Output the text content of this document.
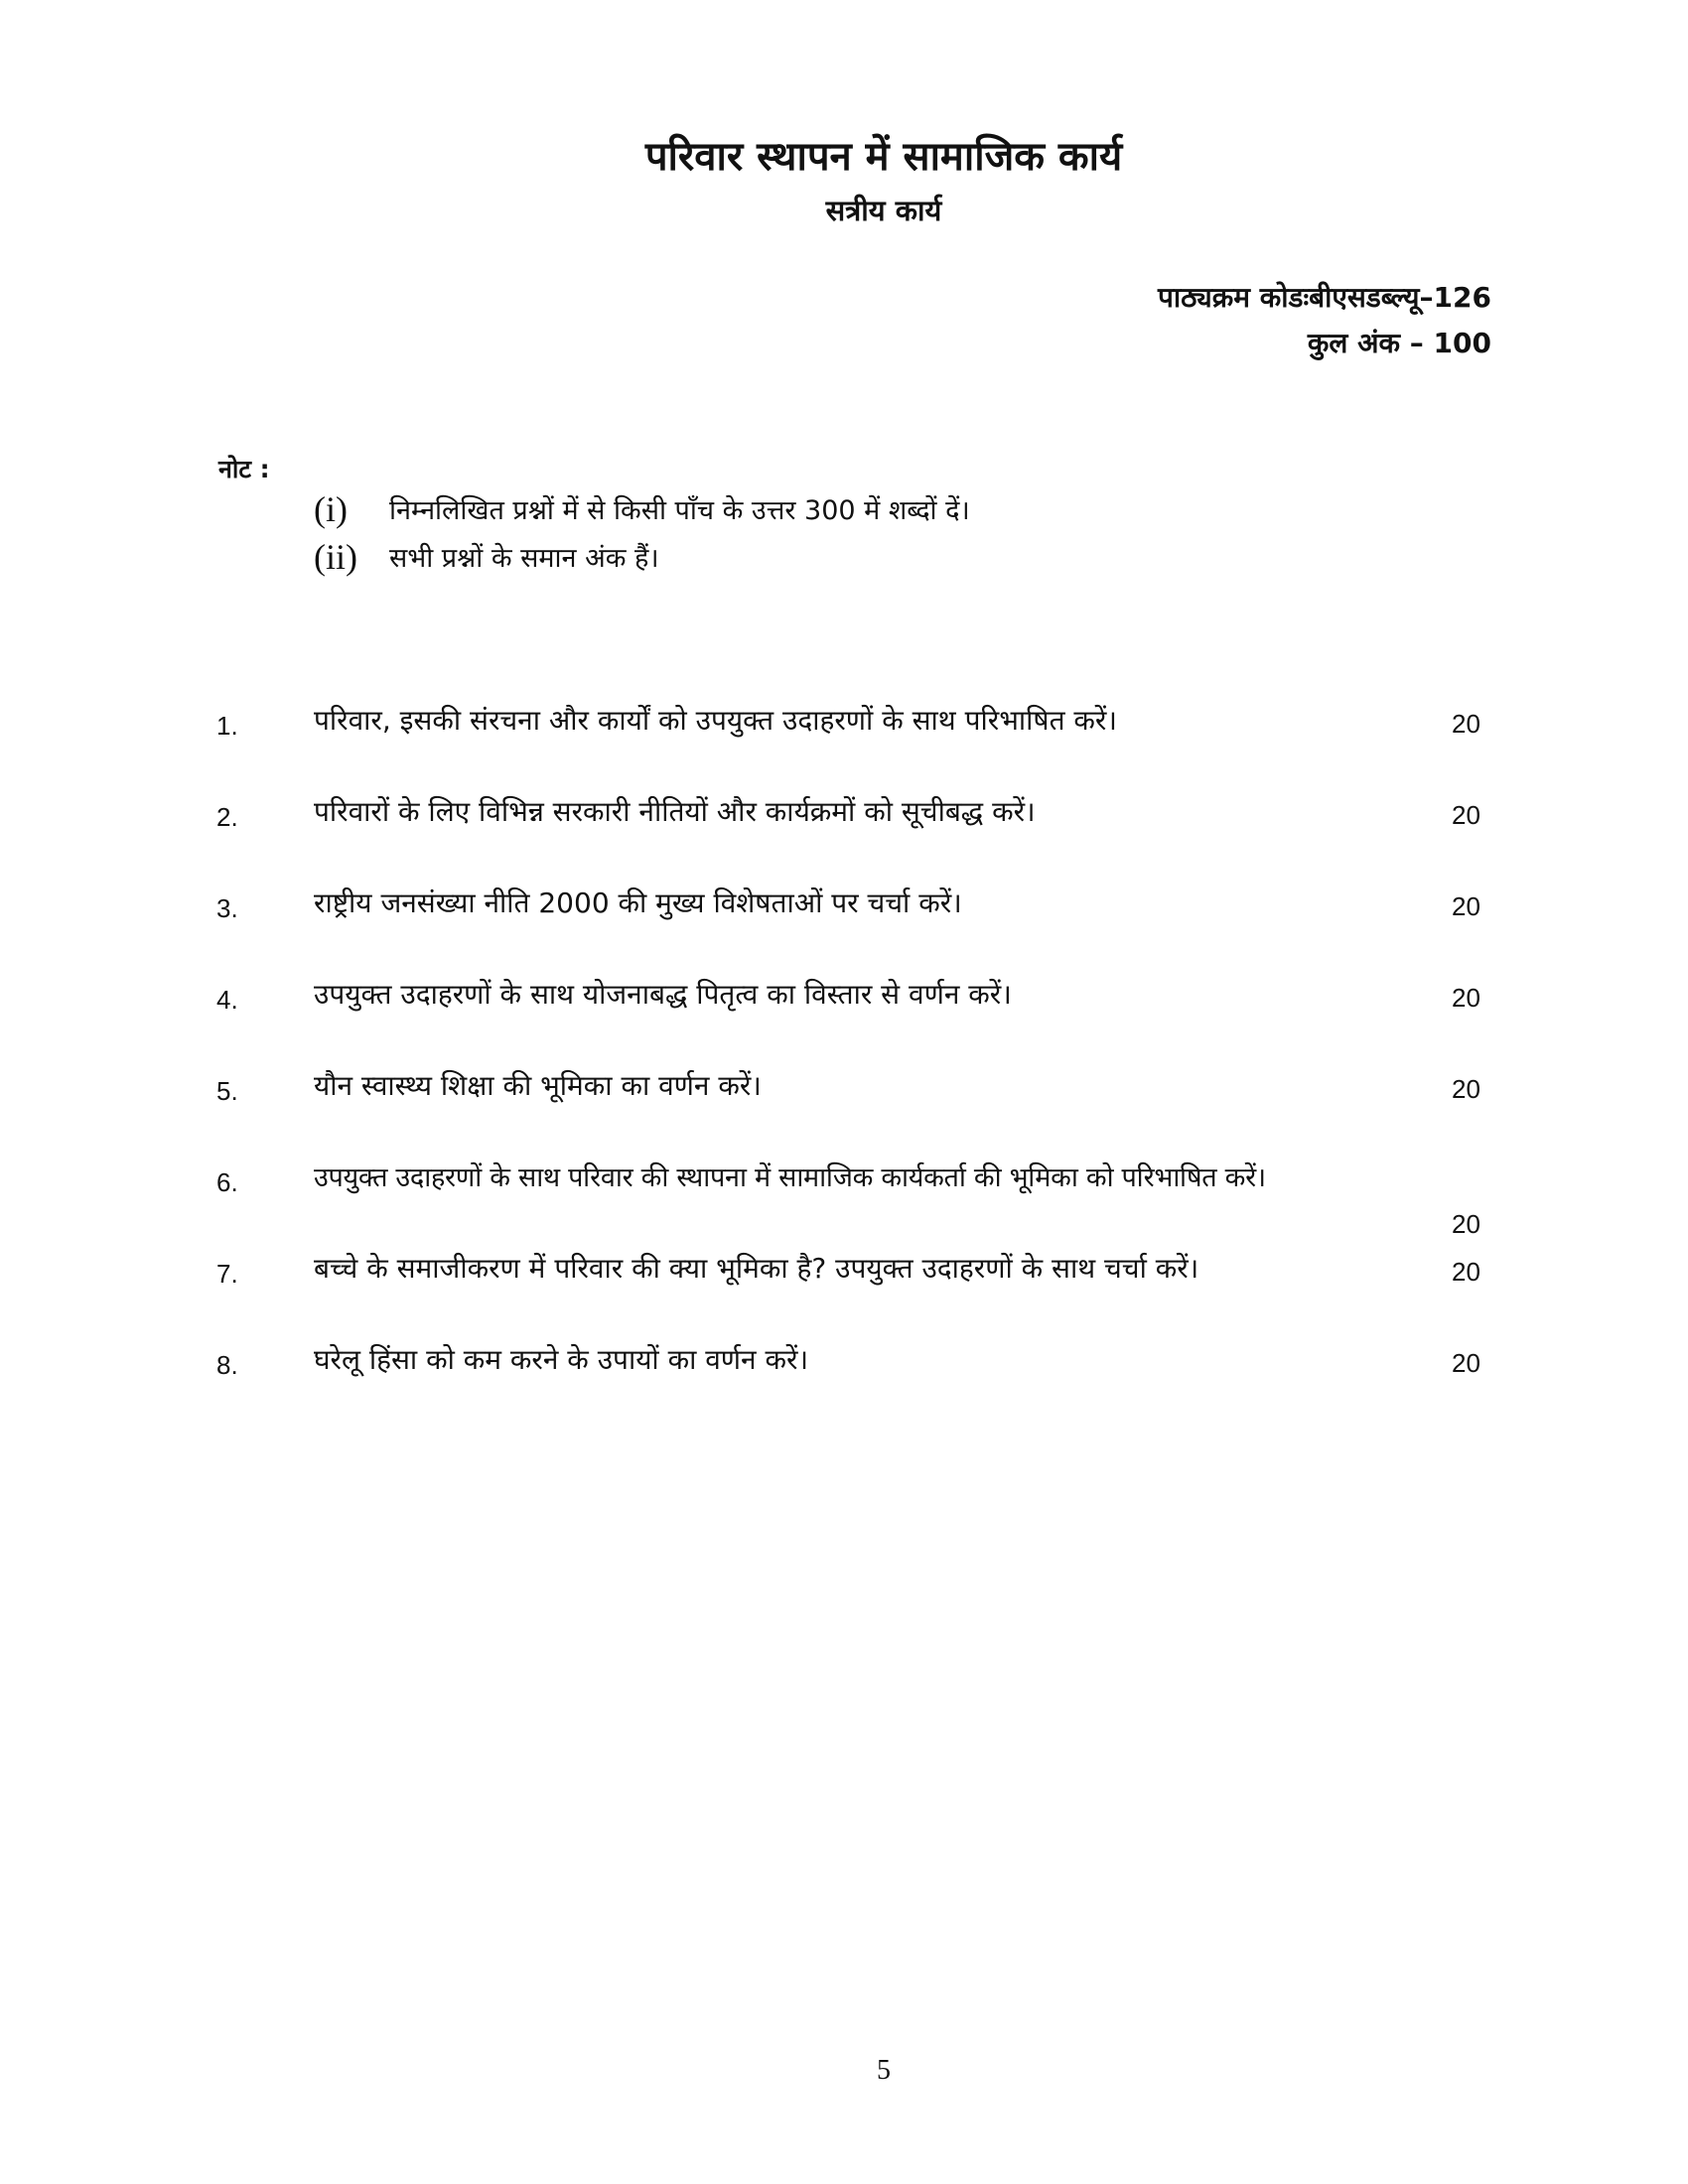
परिवार स्थापन में सामाजिक कार्य
सत्रीय कार्य
पाठ्यक्रम कोडःबीएसडब्ल्यू–126
कुल अंक – 100
नोट :
(i) निम्नलिखित प्रश्नों में से किसी पाँच के उत्तर 300 में शब्दों दें।
(ii) सभी प्रश्नों के समान अंक हैं।
1.	परिवार, इसकी संरचना और कार्यों को उपयुक्त उदाहरणों के साथ परिभाषित करें।	20
2.	परिवारों के लिए विभिन्न सरकारी नीतियों और कार्यक्रमों को सूचीबद्ध करें।	20
3.	राष्ट्रीय जनसंख्या नीति 2000 की मुख्य विशेषताओं पर चर्चा करें।	20
4.	उपयुक्त उदाहरणों के साथ योजनाबद्ध पितृत्व का विस्तार से वर्णन करें।	20
5.	यौन स्वास्थ्य शिक्षा की भूमिका का वर्णन करें।	20
6.	उपयुक्त उदाहरणों के साथ परिवार की स्थापना में सामाजिक कार्यकर्ता की भूमिका को परिभाषित करें।
20
7.	बच्चे के समाजीकरण में परिवार की क्या भूमिका है? उपयुक्त उदाहरणों के साथ चर्चा करें।	20
8.	घरेलू हिंसा को कम करने के उपायों का वर्णन करें।	20
5
